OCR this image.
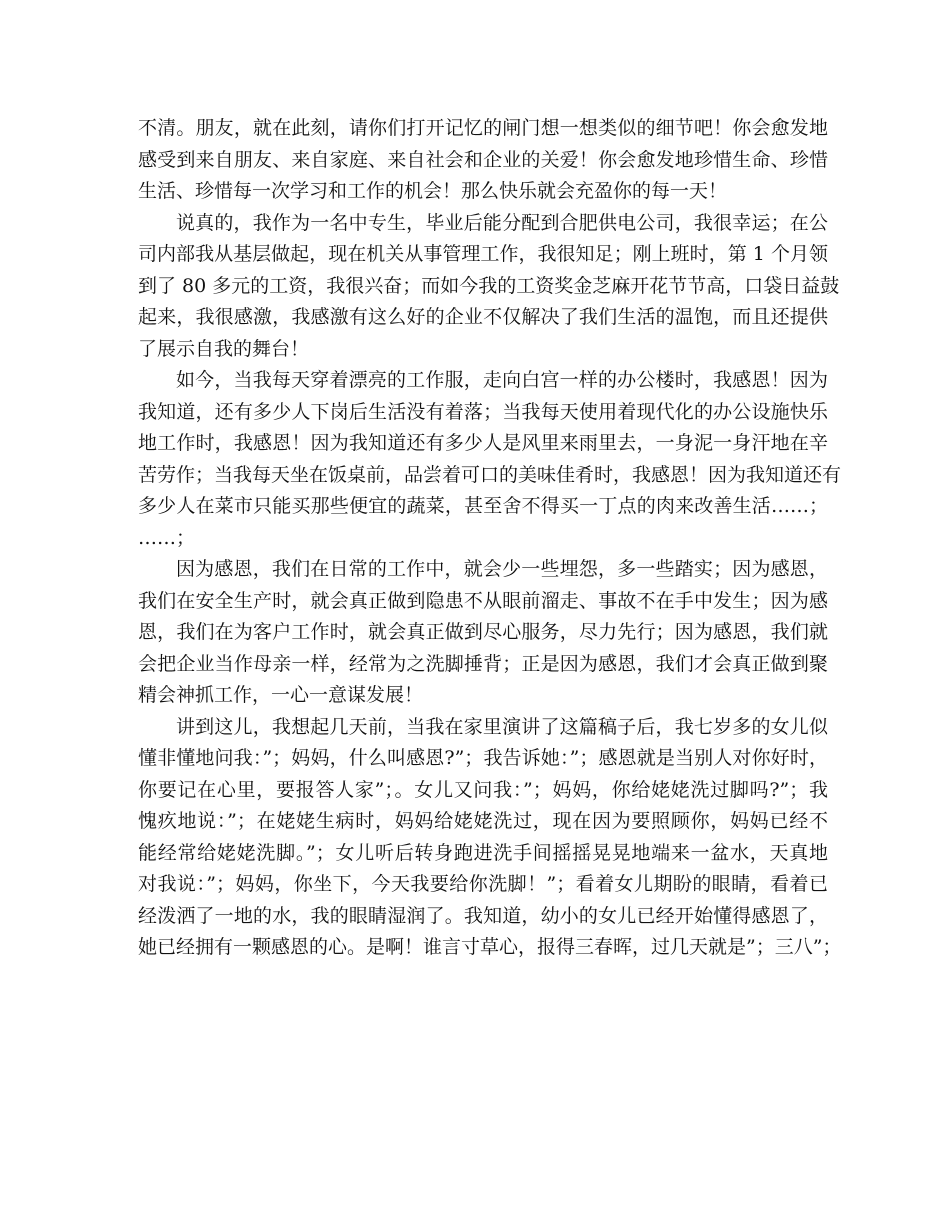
不清。朋友，就在此刻，请你们打开记忆的闸门想一想类似的细节吧！你会愈发地
感受到来自朋友、来自家庭、来自社会和企业的关爱！你会愈发地珍惜生命、珍惜
生活、珍惜每一次学习和工作的机会！那么快乐就会充盈你的每一天！
说真的，我作为一名中专生，毕业后能分配到合肥供电公司，我很幸运；在公
司内部我从基层做起，现在机关从事管理工作，我很知足；刚上班时，第 1 个月领
到了 80 多元的工资，我很兴奋；而如今我的工资奖金芝麻开花节节高，口袋日益鼓
起来，我很感激，我感激有这么好的企业不仅解决了我们生活的温饱，而且还提供
了展示自我的舞台！
如今，当我每天穿着漂亮的工作服，走向白宫一样的办公楼时，我感恩！因为
我知道，还有多少人下岗后生活没有着落；当我每天使用着现代化的办公设施快乐
地工作时，我感恩！因为我知道还有多少人是风里来雨里去，一身泥一身汗地在辛
苦劳作；当我每天坐在饭桌前，品尝着可口的美味佳肴时，我感恩！因为我知道还有
多少人在菜市只能买那些便宜的蔬菜，甚至舍不得买一丁点的肉来改善生活……；
……；
因为感恩，我们在日常的工作中，就会少一些埋怨，多一些踏实；因为感恩，
我们在安全生产时，就会真正做到隐患不从眼前溜走、事故不在手中发生；因为感
恩，我们在为客户工作时，就会真正做到尽心服务，尽力先行；因为感恩，我们就
会把企业当作母亲一样，经常为之洗脚捶背；正是因为感恩，我们才会真正做到聚
精会神抓工作，一心一意谋发展！
讲到这儿，我想起几天前，当我在家里演讲了这篇稿子后，我七岁多的女儿似
懂非懂地问我：”；妈妈，什么叫感恩?”；我告诉她：”；感恩就是当别人对你好时，
你要记在心里，要报答人家”；。女儿又问我：”；妈妈，你给姥姥洗过脚吗?”；我
愧疚地说：”；在姥姥生病时，妈妈给姥姥洗过，现在因为要照顾你，妈妈已经不
能经常给姥姥洗脚。”；女儿听后转身跑进洗手间摇摇晃晃地端来一盆水，天真地
对我说：”；妈妈，你坐下，今天我要给你洗脚！”；看着女儿期盼的眼睛，看着已
经泼洒了一地的水，我的眼睛湿润了。我知道，幼小的女儿已经开始懂得感恩了，
她已经拥有一颗感恩的心。是啊！谁言寸草心，报得三春晖，过几天就是”；三八”；
